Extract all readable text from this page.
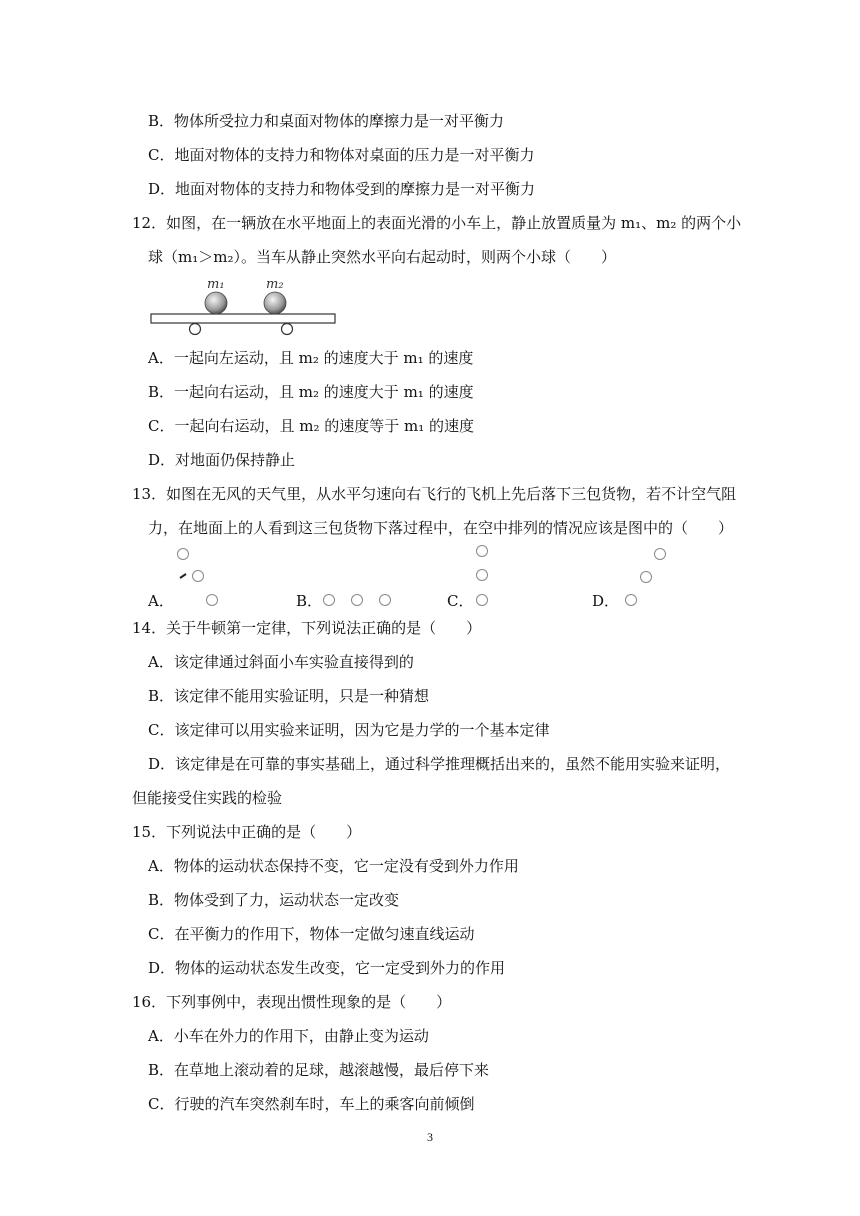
B．物体所受拉力和桌面对物体的摩擦力是一对平衡力
C．地面对物体的支持力和物体对桌面的压力是一对平衡力
D．地面对物体的支持力和物体受到的摩擦力是一对平衡力
12．如图，在一辆放在水平地面上的表面光滑的小车上，静止放置质量为 m₁、m₂ 的两个小
球（m₁＞m₂）。当车从静止突然水平向右起动时，则两个小球（　　）
m₁	m₂
A．一起向左运动，且 m₂ 的速度大于 m₁ 的速度
B．一起向右运动，且 m₂ 的速度大于 m₁ 的速度
C．一起向右运动，且 m₂ 的速度等于 m₁ 的速度
D．对地面仍保持静止
13．如图在无风的天气里，从水平匀速向右飞行的飞机上先后落下三包货物，若不计空气阻
力，在地面上的人看到这三包货物下落过程中，在空中排列的情况应该是图中的（　　）
A．	B．	C．	D．
14．关于牛顿第一定律，下列说法正确的是（　　）
A．该定律通过斜面小车实验直接得到的
B．该定律不能用实验证明，只是一种猜想
C．该定律可以用实验来证明，因为它是力学的一个基本定律
D．该定律是在可靠的事实基础上，通过科学推理概括出来的，虽然不能用实验来证明，
但能接受住实践的检验
15．下列说法中正确的是（　　）
A．物体的运动状态保持不变，它一定没有受到外力作用
B．物体受到了力，运动状态一定改变
C．在平衡力的作用下，物体一定做匀速直线运动
D．物体的运动状态发生改变，它一定受到外力的作用
16．下列事例中，表现出惯性现象的是（　　）
A．小车在外力的作用下，由静止变为运动
B．在草地上滚动着的足球，越滚越慢，最后停下来
C．行驶的汽车突然刹车时，车上的乘客向前倾倒
3
